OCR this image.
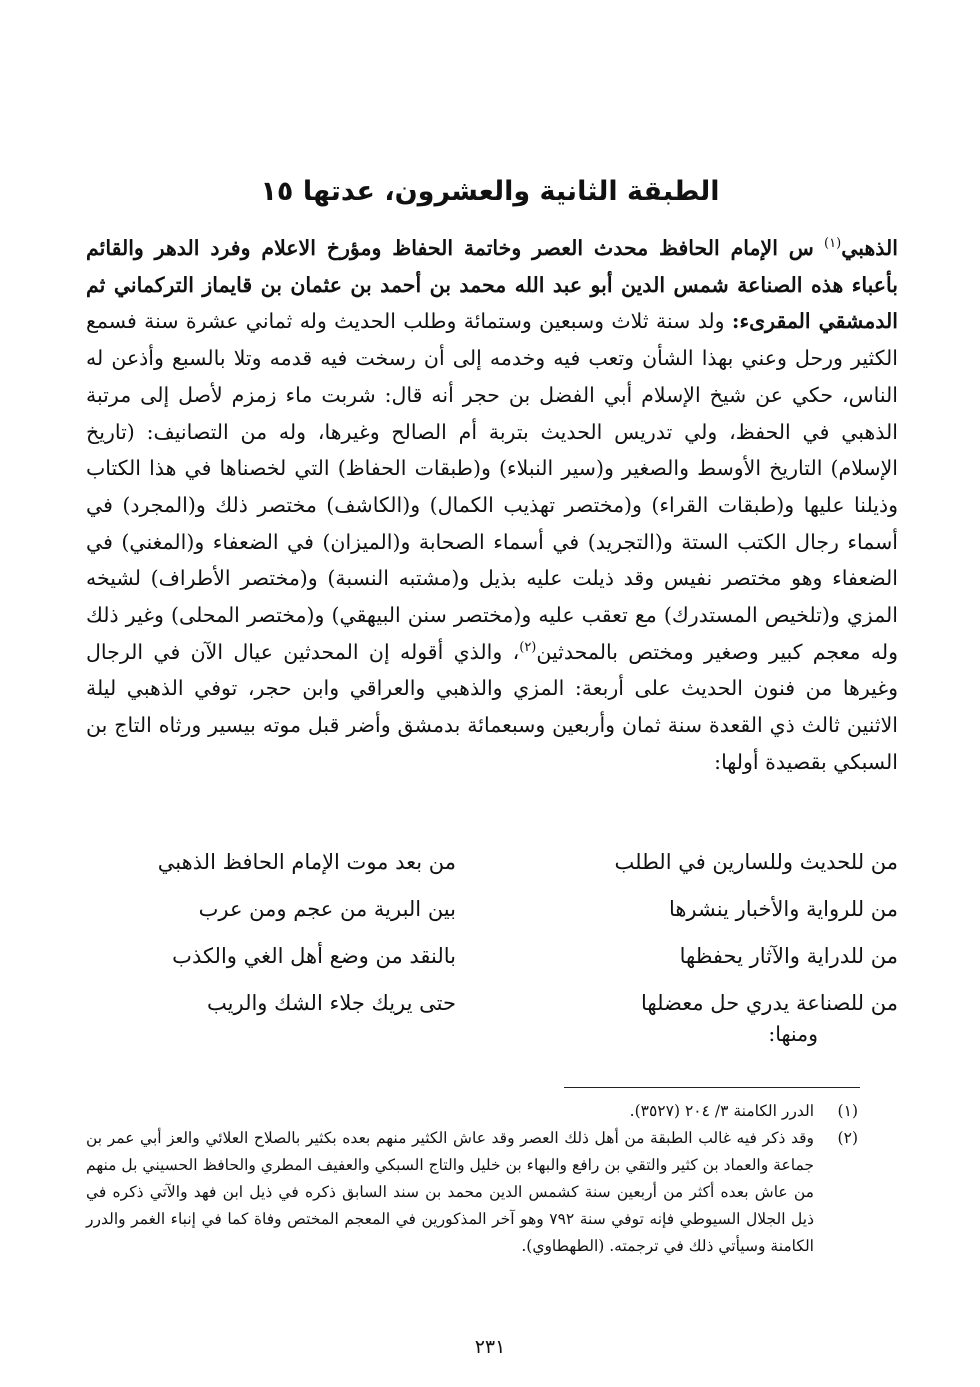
الطبقة الثانية والعشرون، عدتها ١٥
الذهبي$^{(١)}$ س الإمام الحافظ محدث العصر وخاتمة الحفاظ ومؤرخ الاعلام وفرد الدهر والقائم بأعباء هذه الصناعة شمس الدين أبو عبد الله محمد بن أحمد بن عثمان بن قايماز التركماني ثم الدمشقي المقرىء: ولد سنة ثلاث وسبعين وستمائة وطلب الحديث وله ثماني عشرة سنة فسمع الكثير ورحل وعني بهذا الشأن وتعب فيه وخدمه إلى أن رسخت فيه قدمه وتلا بالسبع وأذعن له الناس، حكي عن شيخ الإسلام أبي الفضل بن حجر أنه قال: شربت ماء زمزم لأصل إلى مرتبة الذهبي في الحفظ، ولي تدريس الحديث بتربة أم الصالح وغيرها، وله من التصانيف: (تاريخ الإسلام) التاريخ الأوسط والصغير و(سير النبلاء) و(طبقات الحفاظ) التي لخصناها في هذا الكتاب وذيلنا عليها و(طبقات القراء) و(مختصر تهذيب الكمال) و(الكاشف) مختصر ذلك و(المجرد) في أسماء رجال الكتب الستة و(التجريد) في أسماء الصحابة و(الميزان) في الضعفاء و(المغني) في الضعفاء وهو مختصر نفيس وقد ذيلت عليه بذيل و(مشتبه النسبة) و(مختصر الأطراف) لشيخه المزي و(تلخيص المستدرك) مع تعقب عليه و(مختصر سنن البيهقي) و(مختصر المحلى) وغير ذلك وله معجم كبير وصغير ومختص بالمحدثين$^{(٢)}$، والذي أقوله إن المحدثين عيال الآن في الرجال وغيرها من فنون الحديث على أربعة: المزي والذهبي والعراقي وابن حجر، توفي الذهبي ليلة الاثنين ثالث ذي القعدة سنة ثمان وأربعين وسبعمائة بدمشق وأضر قبل موته بيسير ورثاه التاج بن السبكي بقصيدة أولها:
من للحديث وللسارين في الطلب
من بعد موت الإمام الحافظ الذهبي
من للرواية والأخبار ينشرها
بين البرية من عجم ومن عرب
من للدراية والآثار يحفظها
بالنقد من وضع أهل الغي والكذب
من للصناعة يدري حل معضلها
حتى يريك جلاء الشك والريب
ومنها:
(١)
الدرر الكامنة ٣/ ٢٠٤ (٣٥٢٧).
(٢)
وقد ذكر فيه غالب الطبقة من أهل ذلك العصر وقد عاش الكثير منهم بعده بكثير بالصلاح العلائي والعز أبي عمر بن جماعة والعماد بن كثير والتقي بن رافع والبهاء بن خليل والتاج السبكي والعفيف المطري والحافظ الحسيني بل منهم من عاش بعده أكثر من أربعين سنة كشمس الدين محمد بن سند السابق ذكره في ذيل ابن فهد والآتي ذكره في ذيل الجلال السيوطي فإنه توفي سنة ٧٩٢ وهو آخر المذكورين في المعجم المختص وفاة كما في إنباء الغمر والدرر الكامنة وسيأتي ذلك في ترجمته. (الطهطاوي).
٢٣١
